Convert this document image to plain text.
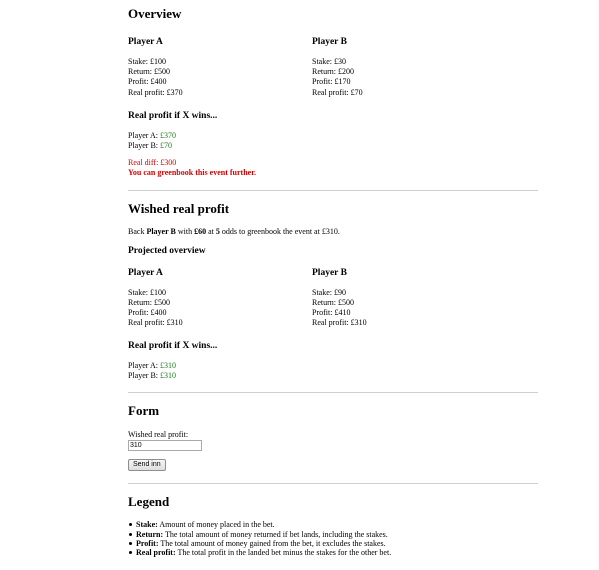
Overview
Player A
Stake: £100
Return: £500
Profit: £400
Real profit: £370
Player B
Stake: £30
Return: £200
Profit: £170
Real profit: £70
Real profit if X wins...
Player A: £370
Player B: £70
Real diff: £300
You can greenbook this event further.
Wished real profit

Back Player B with £60 at 5 odds to greenbook the event at £310.

Projected overview
Player A
Stake: £100
Return: £500
Profit: £400
Real profit: £310
Player B
Stake: £90
Return: £500
Profit: £410
Real profit: £310
Real profit if X wins...
Player A: £310
Player B: £310
Form
Wished real profit:
310
Send inn
Legend
Stake: Amount of money placed in the bet.
Return: The total amount of money returned if bet lands, including the stakes.
Profit: The total amount of money gained from the bet, it excludes the stakes.
Real profit: The total profit in the landed bet minus the stakes for the other bet.
